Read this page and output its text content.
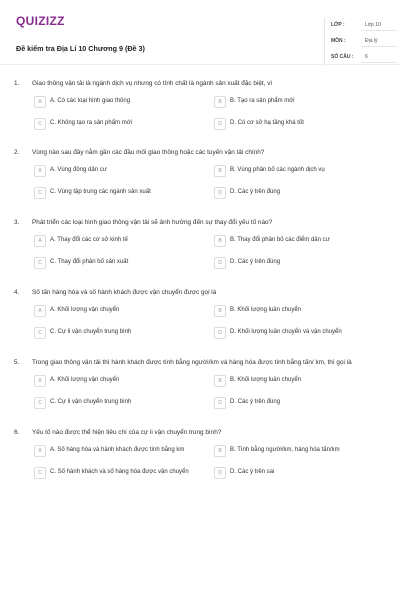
QUIZIZZ
Đề kiểm tra Địa Lí 10 Chương 9 (Đề 3)
LỚP :	Lớp 10
MÔN :	Địa lý
SỐ CÂU : 6
1. Giao thông vận tải là ngành dịch vụ nhưng có tính chất là ngành sản xuất đặc biệt, vì
A	A. Có các loại hình giao thông	B	B. Tạo ra sản phẩm mới
C	C. Không tạo ra sản phẩm mới	D	D. Có cơ sở hạ tầng khá tốt
2. Vùng nào sau đây nằm gần các đầu mối giao thông hoặc các tuyến vận tải chính?
A	A. Vùng đông dân cư	B	B. Vùng phân bố các ngành dịch vụ
C	C. Vùng tập trung các ngành sản xuất	D	D. Các ý trên đúng
3. Phát triển các loại hình giao thông vận tải sẽ ảnh hưởng đến sự thay đổi yếu tố nào?
A	A. Thay đổi các cơ sở kinh tế	B	B. Thay đổi phân bố các điểm dân cư
C	C. Thay đổi phân bố sản xuất	D	D. Các ý trên đúng
4. Số tấn hàng hóa và số hành khách được vận chuyển được gọi là
A	A. Khối lượng vận chuyển	B	B. Khối lượng luân chuyển
C	C. Cự li vận chuyển trung bình	D	D. Khối lượng luân chuyển và vận chuyển
5. Trong giao thông vận tải thì hành khách được tính bằng người/km và hàng hóa được tính bằng tấn/ km, thì gọi là
A	A. Khối lượng vận chuyển	B	B. Khối lượng luân chuyển
C	C. Cự li vận chuyển trung bình	D	D. Các ý trên đúng
6. Yếu tố nào được thể hiện tiêu chí của cự li vận chuyển trung bình?
A	A. Số hàng hóa và hành khách được tính bằng km	B	B. Tính bằng người/km, hàng hóa tấn/km
C	C. Số hành khách và số hàng hóa được vận chuyển	D	D. Các ý trên sai
